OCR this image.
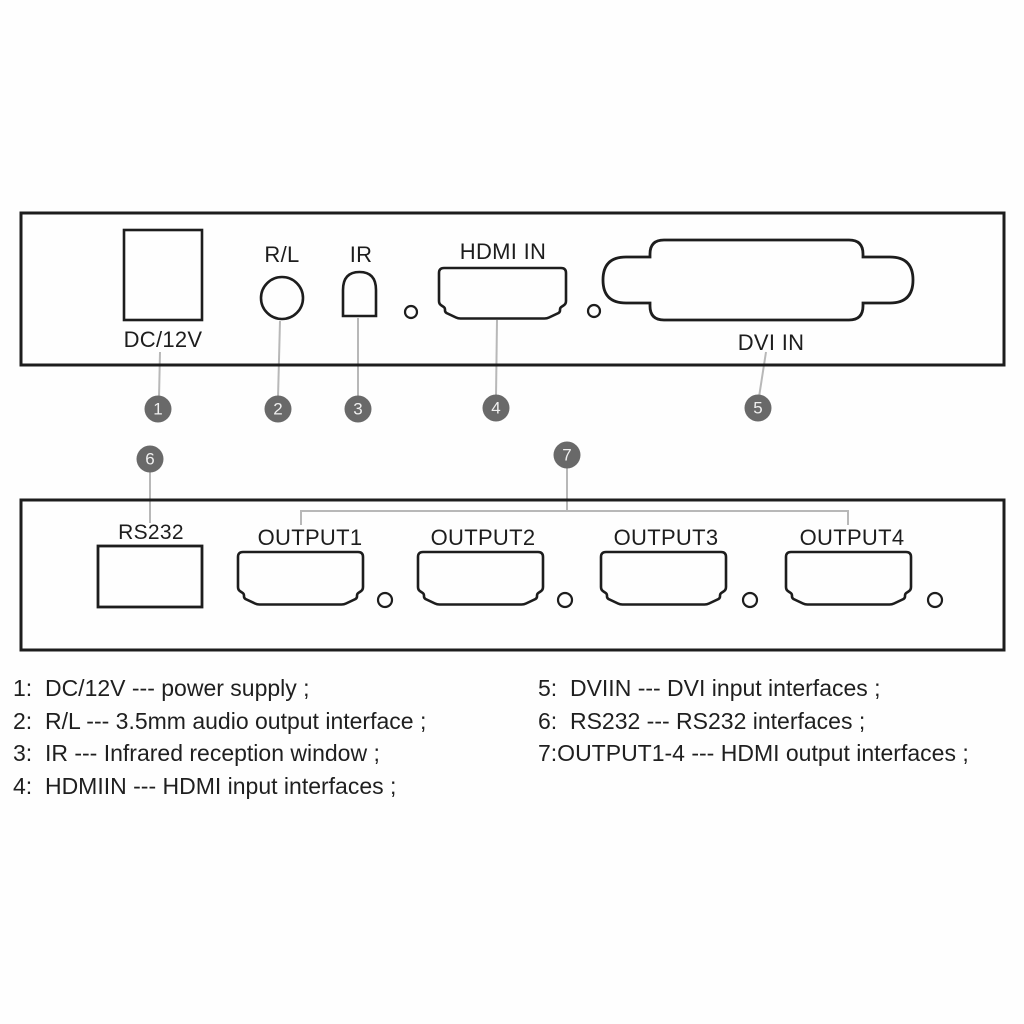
DC/12V
R/L IR	HDMI IN
DVI IN
RS232	OUTPUT1	OUTPUT2	OUTPUT3	OUTPUT4
1	2	3	4	5
6	7
1:  DC/12V --- power supply ;
2:  R/L --- 3.5mm audio output interface ;
3:  IR --- Infrared reception window ;
4:  HDMIIN --- HDMI input interfaces ;
5:  DVIIN --- DVI input interfaces ;
6:  RS232 --- RS232 interfaces ;
7:OUTPUT1-4 --- HDMI output interfaces ;
